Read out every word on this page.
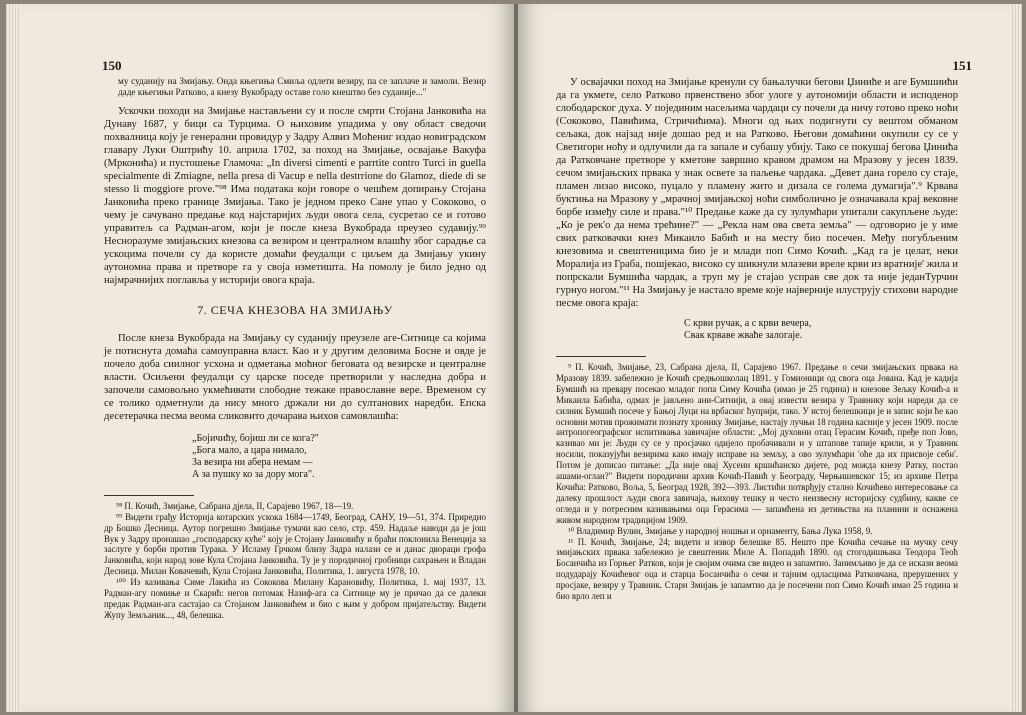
150

му суданију на Змијању. Онда књегиња Смиља одлети везиру, па се заплаче и замоли. Везир даде књегињи Ратково, а кнезу Вукобраду оставе голо кнештво без суданије..."

Ускочки походи на Змијање настављени су и после смрти Стојана Јанковића на Дунаву 1687, у бици са Турцима. О њиховим упадима у ову област сведочи похвалница коју је генерални провидур у Задру Алвиз Мoћениг издао новиградском главару Луки Оштрићу 10. априла 1702, за поход на Змијање, освајање Вакуфа (Мрконића) и пустошење Гламоча: „In diversi cimenti e parrtite contro Turci in guella specialmente di Zmiagne, nella presa di Vacup e nella destrrione do Glamoz, diede di se stesso li moggiore prove."⁹⁸ Има података који говоре о чешћем допирању Стојана Јанковића преко границе Змијања. Тако је једном прекo Сане упао у Сококово, о чему је сачувано предање код најстаријих људи овога села, сусретао се и готово управитељ са Радман-агом, који је после кнеза Вукобрада преузео судавију.⁹⁹ Несноразуме змијањских кнезова са везиром и централном влашћу због сарадње са ускоцима почели су да користе домаћи феудалци с циљем да Змијању укину аутономна права и претворе га у своја изметишта. На помолу је било једно од најмрачнијих поглавља у историји овога краја.

7. СЕЧА КНЕЗОВА НА ЗМИЈАЊУ

После кнеза Вукобрада на Змијању су суданију преузеле аге-Ситнице са којима је потиснута домаћа самоуправна власт. Као и у другим деловима Босне и овде је почело доба сиилног усхона и одметања моћног беговата од везирске и централне власти. Осиљени феудалци су царске поседе претворили у наследна добра и започели самовољно укмећивати слободне тежаке православне вере. Временом су се толико одметнули да нису много држали ни до султанових наредби. Епска десетерачка песма веома сликовито дочарава њихов самовлашћа:

„Бојичићу, бојиш ли се кога?"
„Бога мало, а цара нимало,
За везира ни абера немам —
А за пушку ко за дору мога".

⁹⁸ П. Кочић, Змијање, Сабрана дјела, II, Сарајево 1967, 18—19.

⁹⁹ Видети грађу Историја котарских ускока 1684—1749, Београд, САНУ, 19—51, 374. Приредио др Бошко Десница. Аутор погрешно Змијање тумачи као село, стр. 459. Надаље наводи да је још Вук у Задру пронашао „господарску куће" коју је Стојану Јанковићу и браћи поклонила Венеција за заслуге у борби против Турака. У Исламу Грчком близу Задра налази се и данас двораци грофа Јанковића, који народ зове Кула Стојана Јанковића. Ту је у породичној гробници сахрањен и Владан Десница. Милан Ковачевић, Кула Стојана Јанковића, Политика, 1. августа 1978, 10.

¹⁰⁰ Из казивања Симе Лакића из Сококова Милану Карановићу, Политика, 1. мај 1937, 13. Радман-агу помиње и Скарић: негов потомак Назиф-ага са Ситнице му је причао да се далеки предак Радман-ага састајао са Стојаном Јанковићем и био с њим у добром пријатељству. Видети Жупу Земљаник..., 48, белешка.

151

У освајачки поход на Змијање кренули су бањалучки бегови Џиниће и аге Бумшиићи да га укмете, село Ратково првенствено због улоге у аутономији области и исподенор слободарског духа. У појединим насељима чардаци су почели да ничу готово преко ноћи (Сококово, Павићима, Стричићима). Многи од њих подигнути су вештом обманом сељака, док најзад није дошао ред и на Ратково. Његови домаћини окупили су се у Светигори ноћу и одлучили да га запале и субашу убију. Тако се покушај бегова Џинића да Ратковчане претворе у кметове завршио кравом драмом на Мразову у јесен 1839. сечом змијањских првака у знак освете за паљење чардака. „Девет дана горело су стаје, пламен лизао високо, пуцало у пламену жито и дизала се голема думагија".⁹ Крвава буктиња на Мразову у „мрачној змијањској ноћи симболично је означавала крај вековне борбе између силе и права."¹⁰ Предање каже да су зулумћари упитали сакупљене људе: „Ко је рек'о да нема трећине?" — „Рекла нам ова света земља" — одговорио је у име свих ратковачки кнез Микаило Бабић и на месту био посечен. Међу погубљеним кнезовима и свештеницима био је и млади поп Симо Кочић. „Кад га је целат, неки Моралија из Граба, пошјекао, високо су шикнули млазеви вреле крви из вратније' жила и попрскали Бумшића чардак, а труп му је стајао усправ све док та није једанТурчин гурнуо ногом."¹¹ На Змијању је настало време које најверније илуструју стихови народне песме овога краја:

С крви ручак, а с крви вечера,
Свак крваве жваће залогаје.

⁹ П. Кочић, Змијање, 23, Сабрана дјела, II, Сарајево 1967. Предање о сечи змијањских првака на Мразову 1839. забележио је Кочић средњошколац 1891. у Гомионици од свога оца Јована. Кад је кадија Бумшић на превару посекао младог попа Симу Кочића (имао је 25 година) и кнезове Зељку Кочић-а и Микаила Бабића, одмах је јављено ани-Ситнији, а овај извести везира у Травнику који нареди да се силник Бумшић посече у Бањој Луци на врбаског ћуприји, тако. У истој белешкици је и запис који ће као основни мотив прожимати познату хронику Змијање, настају лучњи 18 година касније у јесен 1909. после антропогеографског испитивања завичајне области: „Мој духовни отац Герасим Кочић, пређе поп Јово, казивао ми је: Људи су се у просјачко одијело пробачивали и у штапове тапије крили, и у Травник носили, показујући везирима како имају исправе на земљу, а ово зулумћари 'оће да их присвоје себи'. Потом је дописао питање: „Да није овај Хусеин кршићанско дијете, род можда кнезу Ратку, постао ашами-оглан?" Видети породични архив Кочић-Павић у Београду, Черњишевског 15; из архиве Петра Кочића: Ратково, Воља, 5, Београд 1928, 392—393. Листићи потврђују стално Кочићево интересовање са далеку прошлост људи свога завичаја, њихову тешку и често неизвесну историјску судбину, какве се огледа и у потресним казивањима оца Герасима — запамћена из детињства на планини и оснажена живом народном традицијом 1909.

¹⁰ Владимир Вулин, Змијање у народној ношњи и орнаменту, Бања Лука 1958, 9.

¹¹ П. Кочић, Змијање, 24; видети и извор белешке 85. Нешто пре Кочића сечање на мучку сечу змијањских првака забележио је свештеник Миле А. Попадић 1890. од стогодишњака Теодора Теоћ Босанчића из Горњег Ратков, који је својим очима све видео и запамтио. Занимљиво је да се искази веома подударају Кочићевог оца и старца Босанчића о сечи и тајним одласцима Ратковчана, прерушених у просјаке, везиру у Травник. Старн Змијањ је запамтио да је посечени поп Симо Кочић имао 25 година и био врло леп и
